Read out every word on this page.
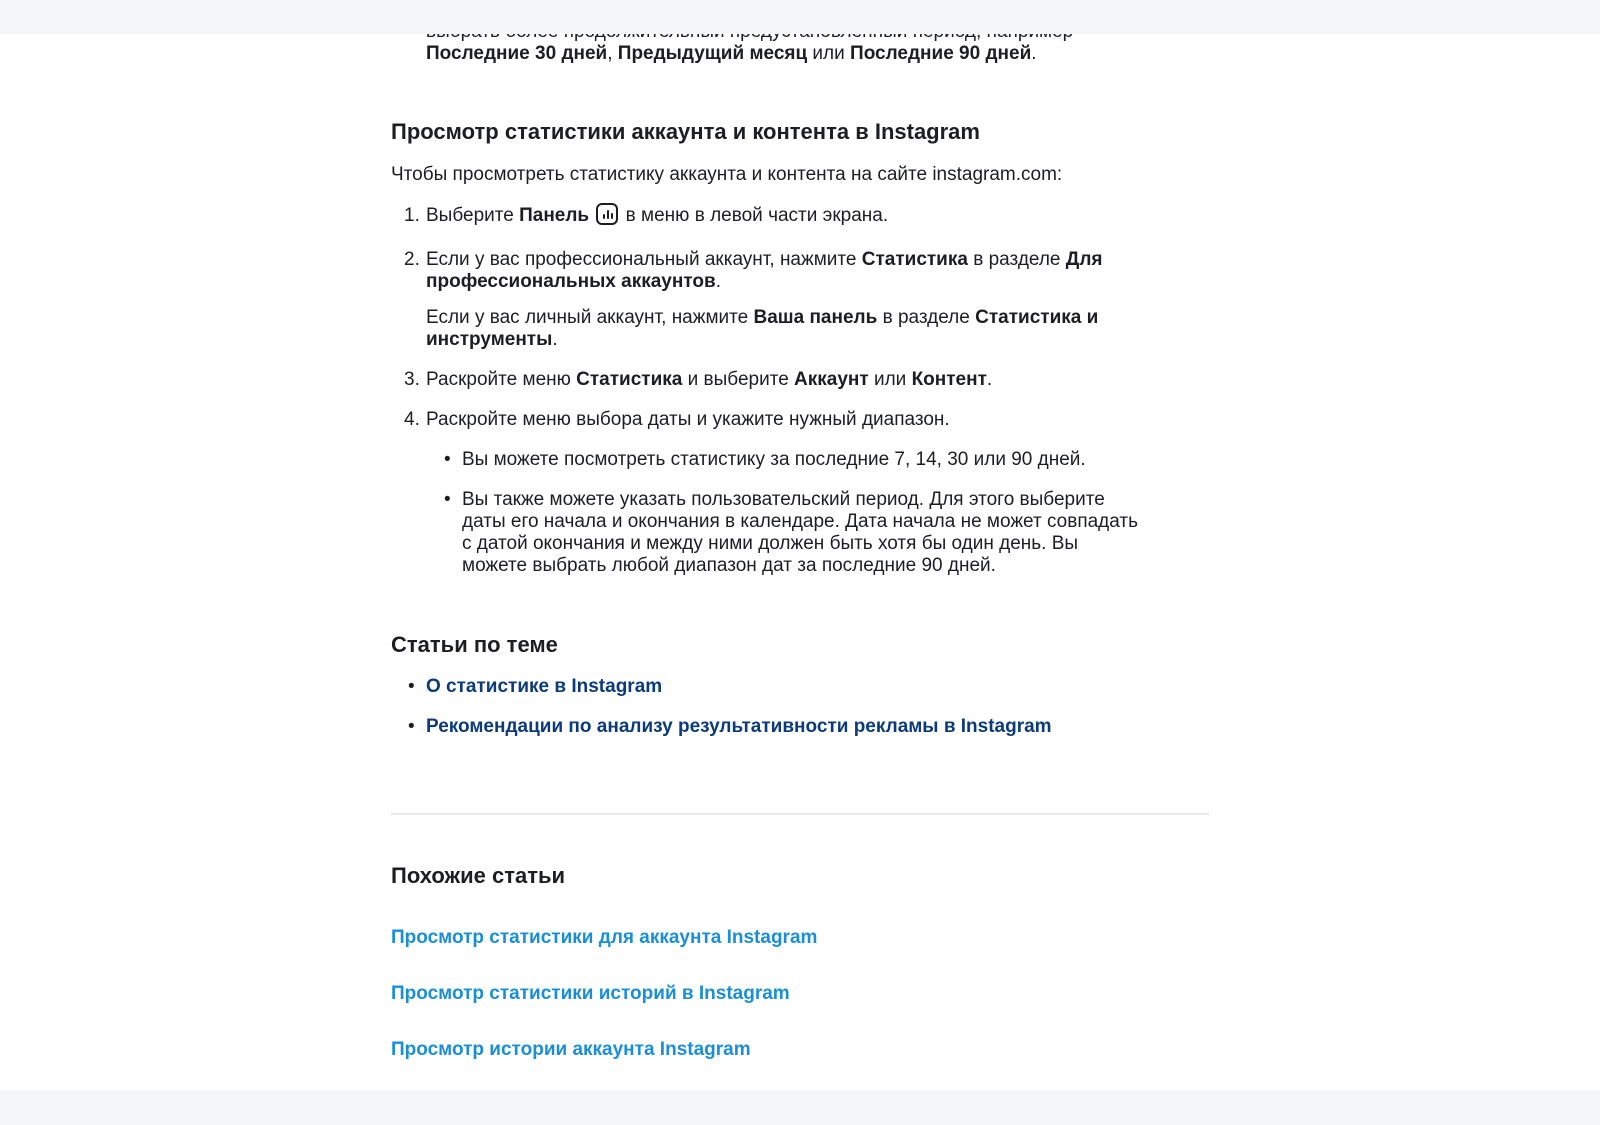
Последние 30 дней, Предыдущий месяц или Последние 90 дней.
Просмотр статистики аккаунта и контента в Instagram
Чтобы просмотреть статистику аккаунта и контента на сайте instagram.com:
1. Выберите Панель
в меню в левой части экрана.
2. Если у вас профессиональный аккаунт, нажмите Статистика в разделе Для профессиональных аккаунтов.
Если у вас личный аккаунт, нажмите Ваша панель в разделе Статистика и инструменты.
3. Раскройте меню Статистика и выберите Аккаунт или Контент.
4. Раскройте меню выбора даты и укажите нужный диапазон.
• Вы можете посмотреть статистику за последние 7, 14, 30 или 90 дней.
• Вы также можете указать пользовательский период. Для этого выберите даты его начала и окончания в календаре. Дата начала не может совпадать с датой окончания и между ними должен быть хотя бы один день. Вы можете выбрать любой диапазон дат за последние 90 дней.
Статьи по теме
• О статистике в Instagram
• Рекомендации по анализу результативности рекламы в Instagram
Похожие статьи
Просмотр статистики для аккаунта Instagram
Просмотр статистики историй в Instagram
Просмотр истории аккаунта Instagram
